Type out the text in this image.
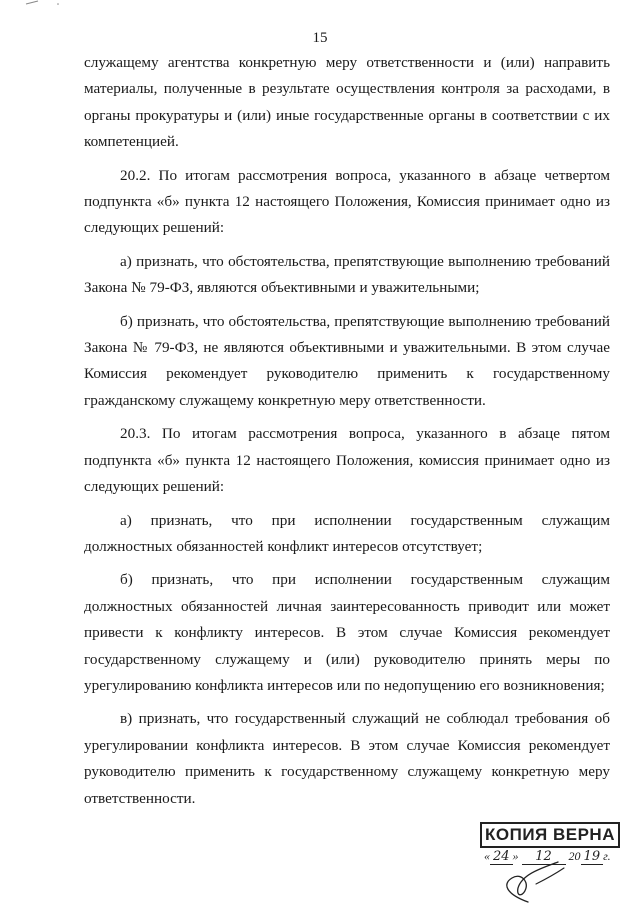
15

служащему агентства конкретную меру ответственности и (или) направить материалы, полученные в результате осуществления контроля за расходами, в органы прокуратуры и (или) иные государственные органы в соответствии с их компетенцией.

20.2. По итогам рассмотрения вопроса, указанного в абзаце четвертом подпункта «б» пункта 12 настоящего Положения, Комиссия принимает одно из следующих решений:

а) признать, что обстоятельства, препятствующие выполнению требований Закона № 79-ФЗ, являются объективными и уважительными;

б) признать, что обстоятельства, препятствующие выполнению требований Закона № 79-ФЗ, не являются объективными и уважительными. В этом случае Комиссия рекомендует руководителю применить к государственному гражданскому служащему конкретную меру ответственности.

20.3. По итогам рассмотрения вопроса, указанного в абзаце пятом подпункта «б» пункта 12 настоящего Положения, комиссия принимает одно из следующих решений:

а) признать, что при исполнении государственным служащим должностных обязанностей конфликт интересов отсутствует;

б) признать, что при исполнении государственным служащим должностных обязанностей личная заинтересованность приводит или может привести к конфликту интересов. В этом случае Комиссия рекомендует государственному служащему и (или) руководителю принять меры по урегулированию конфликта интересов или по недопущению его возникновения;

в) признать, что государственный служащий не соблюдал требования об урегулировании конфликта интересов. В этом случае Комиссия рекомендует руководителю применить к государственному служащему конкретную меру ответственности.

КОПИЯ ВЕРНА
« 24 » 12 20 19 г.
